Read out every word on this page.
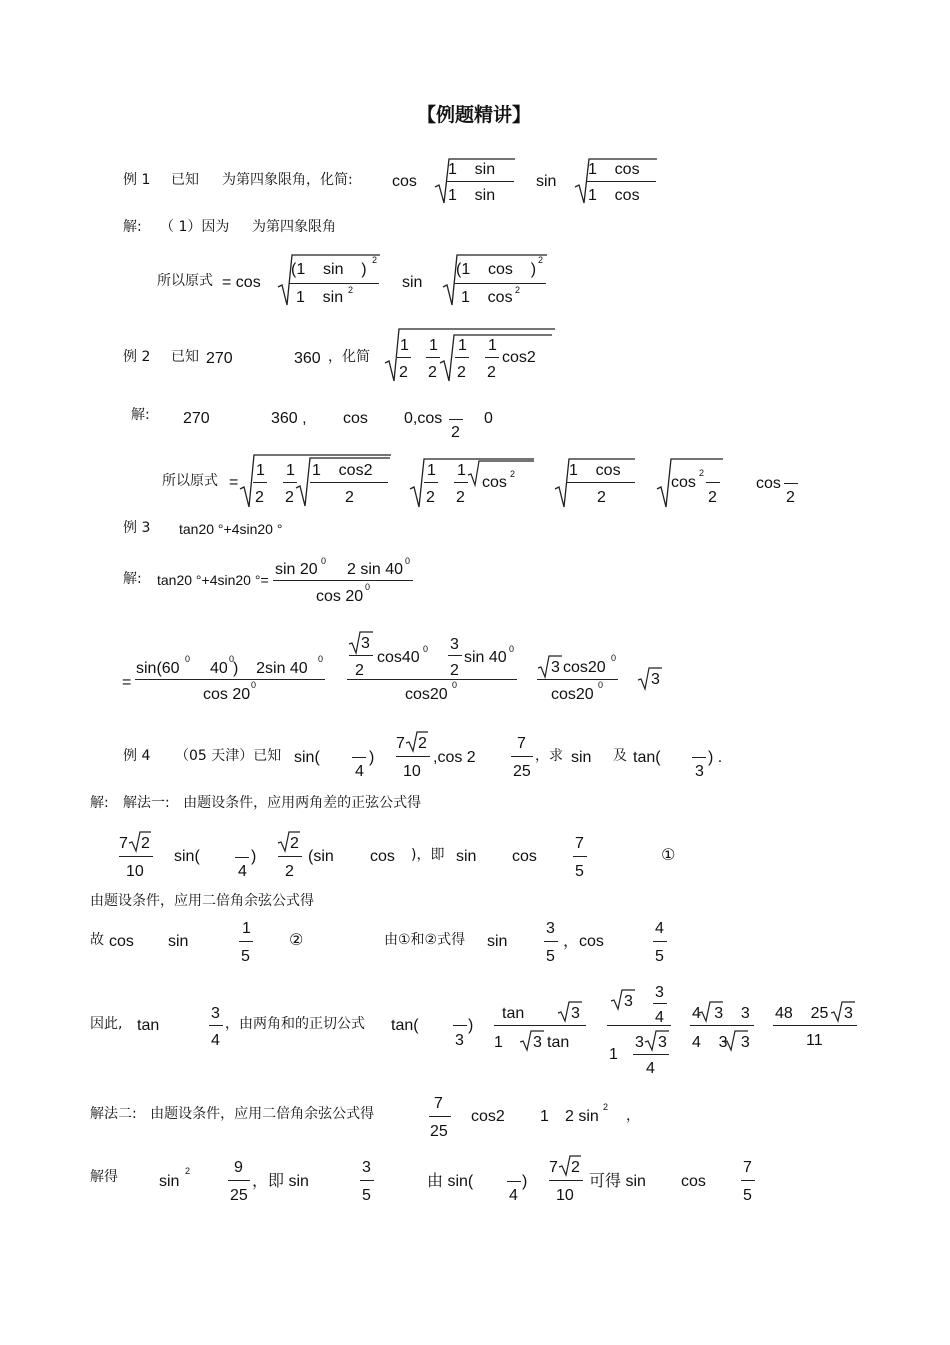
【例题精讲】
例 1 已知 为第四象限角，化简: cos
1    sin
1    sin
sin
1    cos
1    cos
解: （ 1）因为 为第四象限角
所以原式 = cos
(1    sin    )
2
1    sin 2	sin
(1    cos    )
2
1    cos 2
例 2 已知 270	360 ，化简
1
2
1
2
1
2
1
2
cos2
解: 270	360 , cos 0,cos
2
0
所以原式 =
1
2
1
2
1    cos2
2
1
2
1
2
cos 2	1    cos
2
cos
2
2
cos
2
例 3 tan20 °+4sin20 °
解: tan20 °+4sin20 °=
sin 20 0 2 sin 40 0
cos 20
0
=
sin(60
0
40
0
)    2sin 40
0
cos 20
0
3
2
cos40 0 3
2
sin 40 0
cos20
0
3 cos20
0
cos20
0	3
例 4 （05 天津）已知 sin(
4
)
7 2
10
,cos 2
7
25
，求 sin 及 tan(
3
) .
解: 解法一:   由题设条件，应用两角差的正弦公式得
7 2
10
sin(
4
)
2
2
(sin cos )，即 sin cos
7
5
①
由题设条件，应用二倍角余弦公式得
故 cos sin
1
5
②	由①和②式得 sin
3
5
，cos
4
5
因此, tan
3
4
，由两角和的正切公式 tan(
3
)
tan	3
1 3 tan
3
3
4
1
3 3
4
4   3    3
4    3   3
48    25 3
11
解法二:   由题设条件，应用二倍角余弦公式得
7
25
cos2 1 2 sin
2
，
解得	sin
2	9
25
，即 sin
3
5
由 sin(
4
)
7 2
10
可得 sin cos
7
5
